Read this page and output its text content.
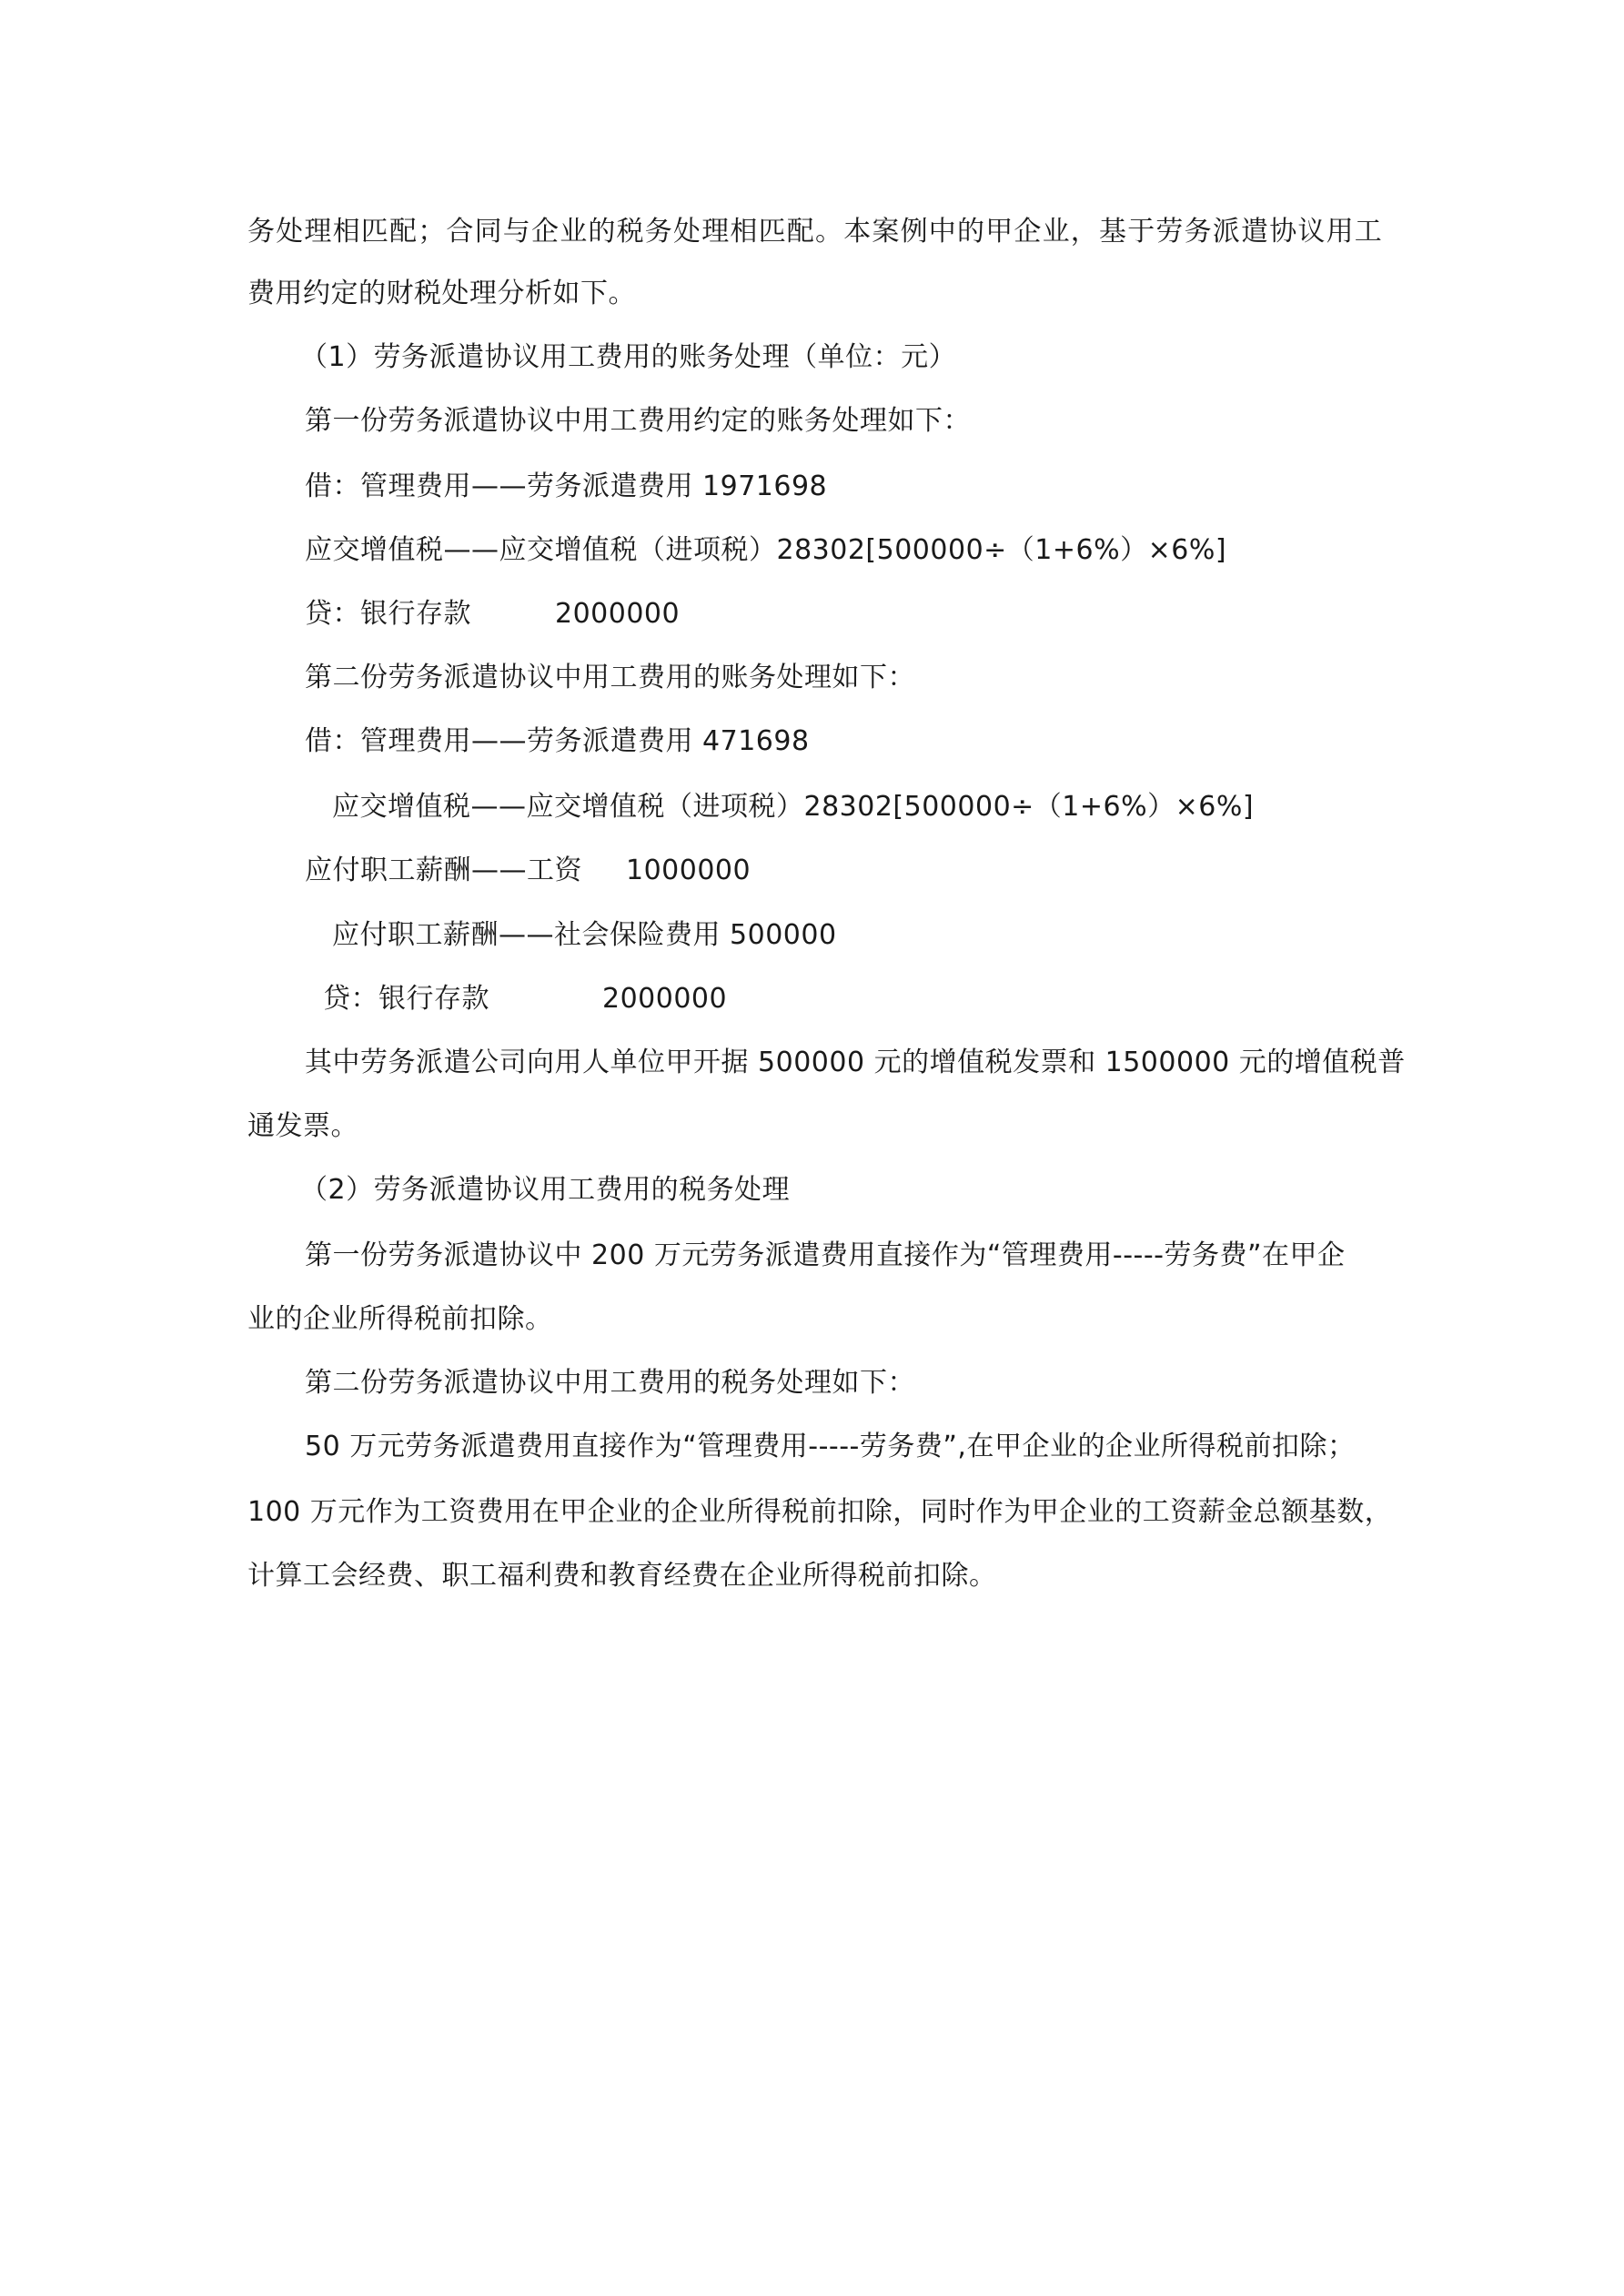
务处理相匹配；合同与企业的税务处理相匹配。本案例中的甲企业，基于劳务派遣协议用工
费用约定的财税处理分析如下。
（1）劳务派遣协议用工费用的账务处理（单位：元）
第一份劳务派遣协议中用工费用约定的账务处理如下：
借：管理费用——劳务派遣费用 1971698
应交增值税——应交增值税（进项税）28302[500000÷（1+6%）×6%]
贷：银行存款	2000000
第二份劳务派遣协议中用工费用的账务处理如下：
借：管理费用——劳务派遣费用 471698
应交增值税——应交增值税（进项税）28302[500000÷（1+6%）×6%]
应付职工薪酬——工资 1000000
应付职工薪酬——社会保险费用 500000
贷：银行存款	2000000
其中劳务派遣公司向用人单位甲开据 500000 元的增值税发票和 1500000 元的增值税普
通发票。
（2）劳务派遣协议用工费用的税务处理
第一份劳务派遣协议中 200 万元劳务派遣费用直接作为“管理费用-----劳务费”在甲企
业的企业所得税前扣除。
第二份劳务派遣协议中用工费用的税务处理如下：
50 万元劳务派遣费用直接作为“管理费用-----劳务费”,在甲企业的企业所得税前扣除；
100 万元作为工资费用在甲企业的企业所得税前扣除，同时作为甲企业的工资薪金总额基数，
计算工会经费、职工福利费和教育经费在企业所得税前扣除。
